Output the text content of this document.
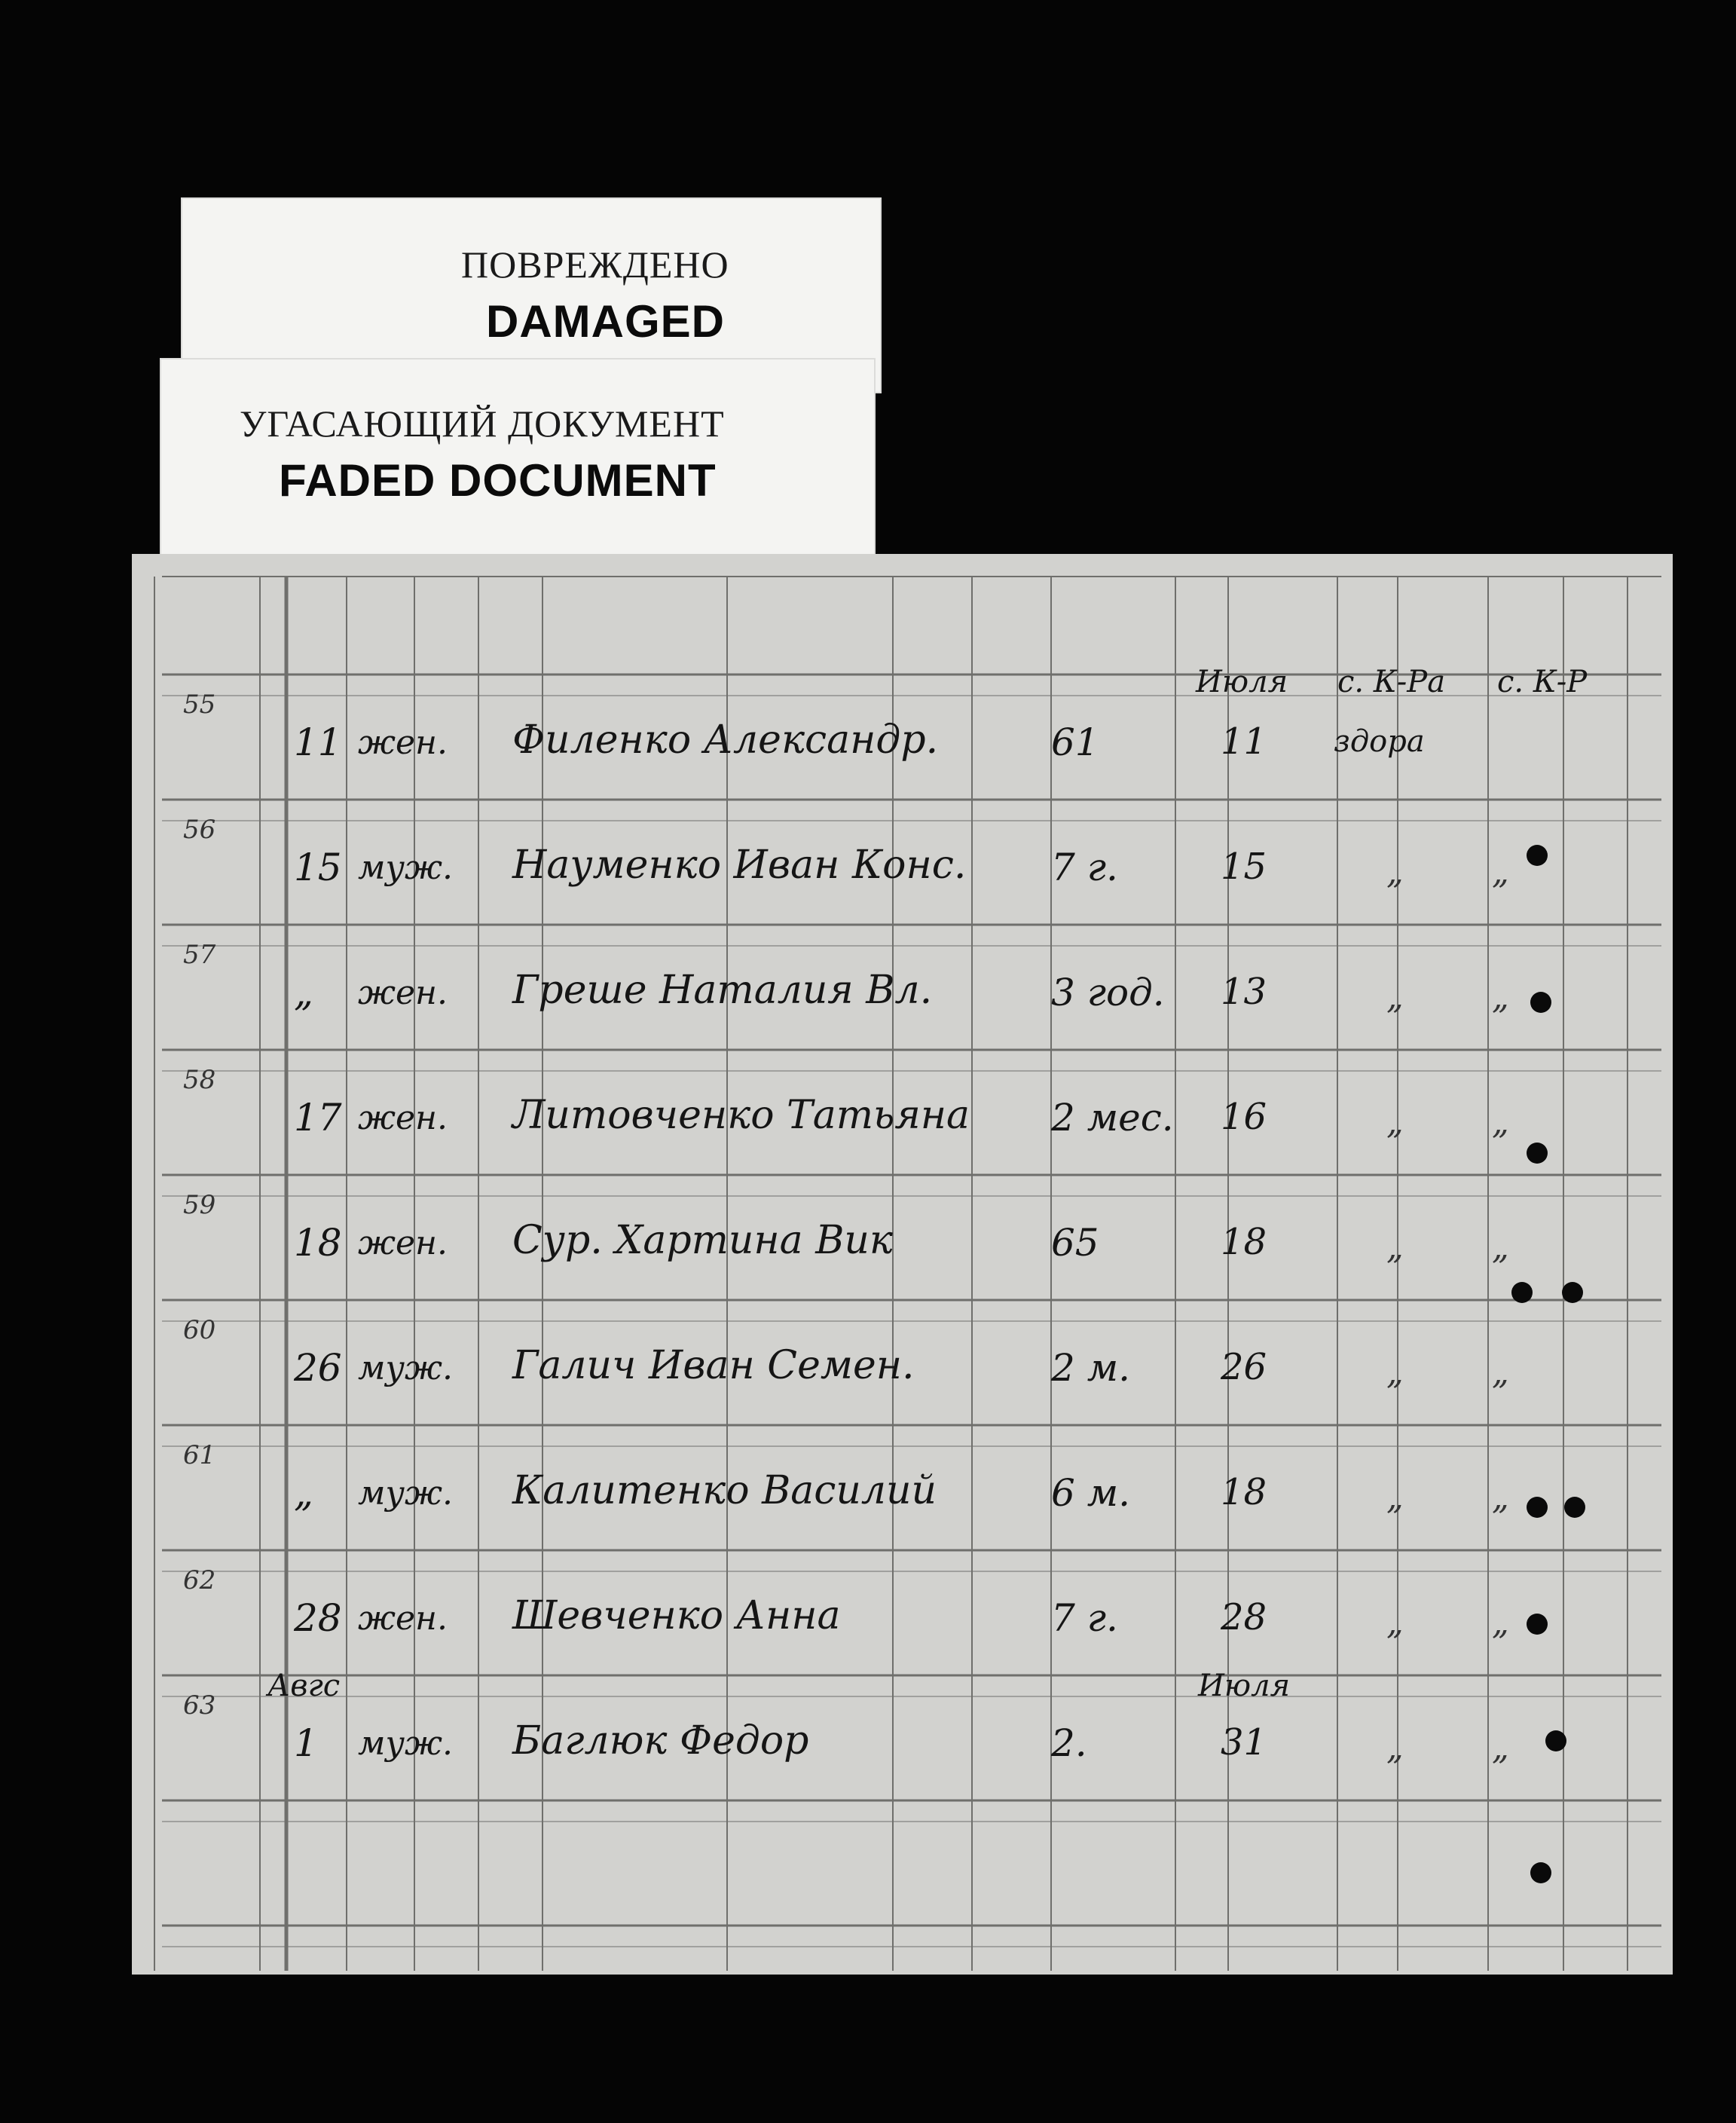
ПОВРЕЖДЕНО
DAMAGED
УГАСАЮЩИЙ ДОКУМЕНТ
FADED DOCUMENT
Июля с. К-Ра с. К-Р
Авгс	Июля
55
11 жен. Филенко Александр.	61	11 здора
56
15 муж. Науменко Иван Конс. 7 г.	15	„	„
57
„ жен. Греше Наталия Вл.	3 год. 13	„	„
58
17 жен. Литовченко Татьяна 2 мес. 16	„	„
59
18 жен. Сур. Хартина Вик	65	18	„	„
60
26 муж. Галич Иван Семен.	2 м. 26	„	„
61
„ муж. Калитенко Василий	6 м. 18	„	„
62
28 жен. Шевченко Анна	7 г.	28	„	„
63
1 муж. Баглюк Федор	2.	31	„	„
